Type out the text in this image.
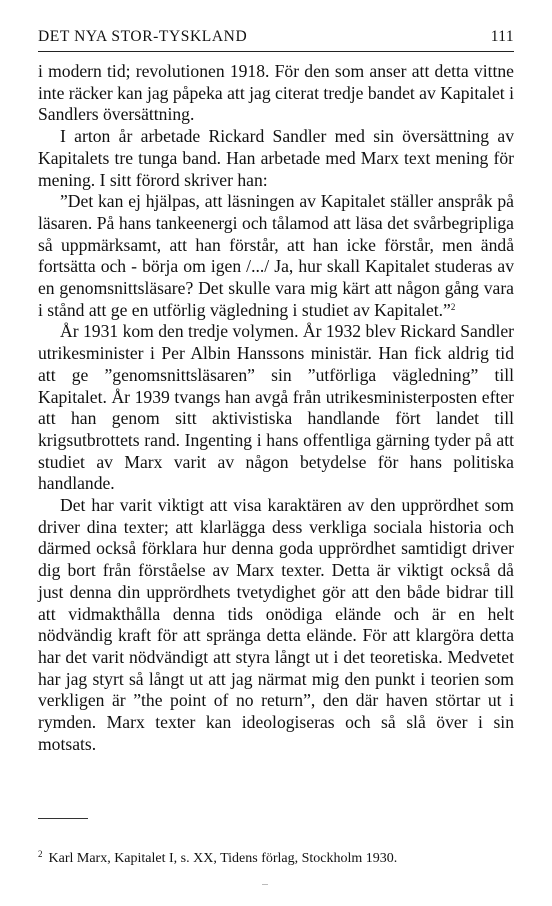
DET NYA STOR-TYSKLAND	111

i modern tid; revolutionen 1918. För den som anser att detta vittne inte räcker kan jag påpeka att jag citerat tredje bandet av Kapitalet i Sandlers översättning.

I arton år arbetade Rickard Sandler med sin översättning av Kapitalets tre tunga band. Han arbetade med Marx text mening för mening. I sitt förord skriver han:

”Det kan ej hjälpas, att läsningen av Kapitalet ställer anspråk på läsaren. På hans tankeenergi och tålamod att läsa det svårbegripliga så uppmärksamt, att han förstår, att han icke förstår, men ändå fortsätta och - börja om igen /.../ Ja, hur skall Kapitalet studeras av en genomsnittsläsare? Det skulle vara mig kärt att någon gång vara i stånd att ge en utförlig vägledning i studiet av Kapitalet.”$^2$

År 1931 kom den tredje volymen. År 1932 blev Rickard Sandler utrikesminister i Per Albin Hanssons ministär. Han fick aldrig tid att ge ”genomsnittsläsaren” sin ”utförliga vägledning” till Kapitalet. År 1939 tvangs han avgå från utrikesministerposten efter att han genom sitt aktivistiska handlande fört landet till krigsutbrottets rand. Ingenting i hans offentliga gärning tyder på att studiet av Marx varit av någon betydelse för hans politiska handlande.

Det har varit viktigt att visa karaktären av den upprördhet som driver dina texter; att klarlägga dess verkliga sociala historia och därmed också förklara hur denna goda upprördhet samtidigt driver dig bort från förståelse av Marx texter. Detta är viktigt också då just denna din upprördhets tvetydighet gör att den både bidrar till att vidmakthålla denna tids onödiga elände och är en helt nödvändig kraft för att spränga detta elände. För att klargöra detta har det varit nödvändigt att styra långt ut i det teoretiska. Medvetet har jag styrt så långt ut att jag närmat mig den punkt i teorien som verkligen är ”the point of no return”, den där haven störtar ut i rymden. Marx texter kan ideologiseras och så slå över i sin motsats.

$^2$ Karl Marx, Kapitalet I, s. XX, Tidens förlag, Stockholm 1930.
